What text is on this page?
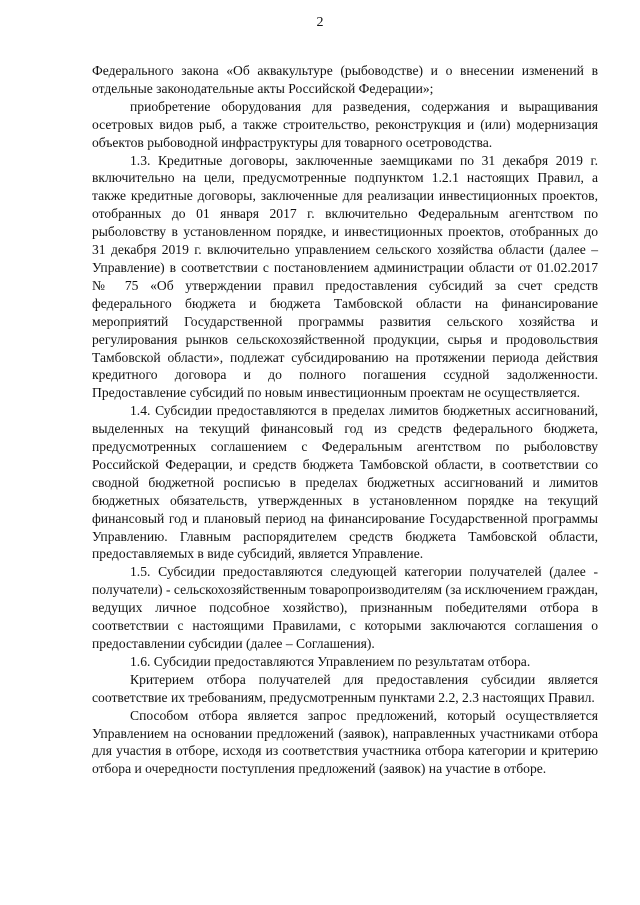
2

Федерального закона «Об аквакультуре (рыбоводстве) и о внесении изменений в отдельные законодательные акты Российской Федерации»;

приобретение оборудования для разведения, содержания и выращивания осетровых видов рыб, а также строительство, реконструкция и (или) модернизация объектов рыбоводной инфраструктуры для товарного осетроводства.

1.3. Кредитные договоры, заключенные заемщиками по 31 декабря 2019 г. включительно на цели, предусмотренные подпунктом 1.2.1 настоящих Правил, а также кредитные договоры, заключенные для реализации инвестиционных проектов, отобранных до 01 января 2017 г. включительно Федеральным агентством по рыболовству в установленном порядке, и инвестиционных проектов, отобранных до 31 декабря 2019 г. включительно управлением сельского хозяйства области (далее – Управление) в соответствии с постановлением администрации области от 01.02.2017 № 75 «Об утверждении правил предоставления субсидий за счет средств федерального бюджета и бюджета Тамбовской области на финансирование мероприятий Государственной программы развития сельского хозяйства и регулирования рынков сельскохозяйственной продукции, сырья и продовольствия Тамбовской области», подлежат субсидированию на протяжении периода действия кредитного договора и до полного погашения ссудной задолженности. Предоставление субсидий по новым инвестиционным проектам не осуществляется.

1.4. Субсидии предоставляются в пределах лимитов бюджетных ассигнований, выделенных на текущий финансовый год из средств федерального бюджета, предусмотренных соглашением с Федеральным агентством по рыболовству Российской Федерации, и средств бюджета Тамбовской области, в соответствии со сводной бюджетной росписью в пределах бюджетных ассигнований и лимитов бюджетных обязательств, утвержденных в установленном порядке на текущий финансовый год и плановый период на финансирование Государственной программы Управлению. Главным распорядителем средств бюджета Тамбовской области, предоставляемых в виде субсидий, является Управление.

1.5. Субсидии предоставляются следующей категории получателей (далее - получатели) - сельскохозяйственным товаропроизводителям (за исключением граждан, ведущих личное подсобное хозяйство), признанным победителями отбора в соответствии с настоящими Правилами, с которыми заключаются соглашения о предоставлении субсидии (далее – Соглашения).

1.6. Субсидии предоставляются Управлением по результатам отбора.

Критерием отбора получателей для предоставления субсидии является соответствие их требованиям, предусмотренным пунктами 2.2, 2.3 настоящих Правил.

Способом отбора является запрос предложений, который осуществляется Управлением на основании предложений (заявок), направленных участниками отбора для участия в отборе, исходя из соответствия участника отбора категории и критерию отбора и очередности поступления предложений (заявок) на участие в отборе.
